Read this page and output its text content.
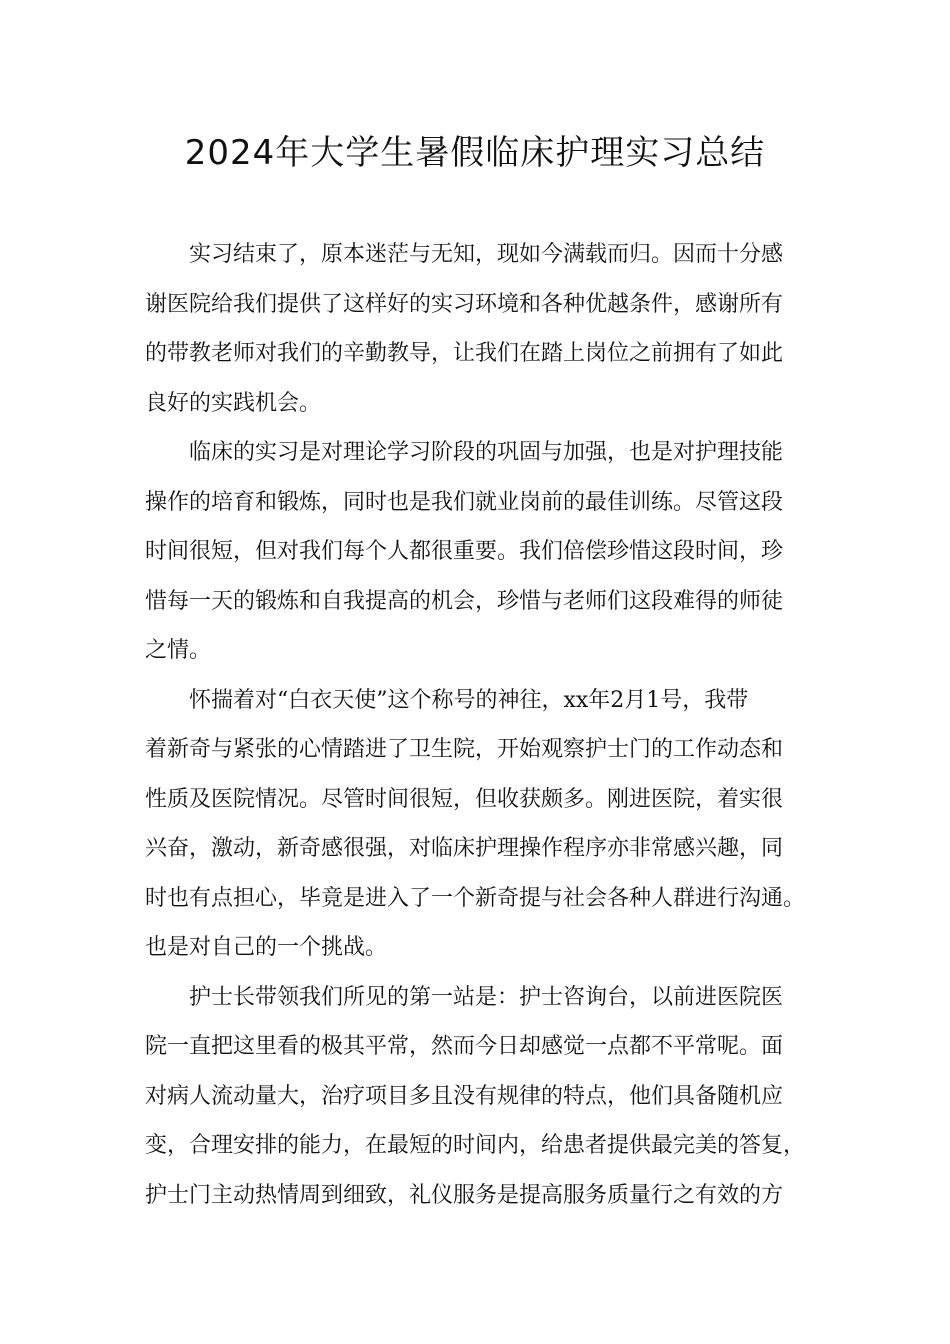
2024年大学生暑假临床护理实习总结

实习结束了，原本迷茫与无知，现如今满载而归。因而十分感
谢医院给我们提供了这样好的实习环境和各种优越条件，感谢所有
的带教老师对我们的辛勤教导，让我们在踏上岗位之前拥有了如此
良好的实践机会。

临床的实习是对理论学习阶段的巩固与加强，也是对护理技能
操作的培育和锻炼，同时也是我们就业岗前的最佳训练。尽管这段
时间很短，但对我们每个人都很重要。我们倍偿珍惜这段时间，珍
惜每一天的锻炼和自我提高的机会，珍惜与老师们这段难得的师徒
之情。

怀揣着对“白衣天使”这个称号的神往，xx年2月1号，我带
着新奇与紧张的心情踏进了卫生院，开始观察护士门的工作动态和
性质及医院情况。尽管时间很短，但收获颇多。刚进医院，着实很
兴奋，激动，新奇感很强，对临床护理操作程序亦非常感兴趣，同
时也有点担心，毕竟是进入了一个新奇提与社会各种人群进行沟通。
也是对自己的一个挑战。

护士长带领我们所见的第一站是：护士咨询台，以前进医院医
院一直把这里看的极其平常，然而今日却感觉一点都不平常呢。面
对病人流动量大，治疗项目多且没有规律的特点，他们具备随机应
变，合理安排的能力，在最短的时间内，给患者提供最完美的答复，
护士门主动热情周到细致，礼仪服务是提高服务质量行之有效的方
